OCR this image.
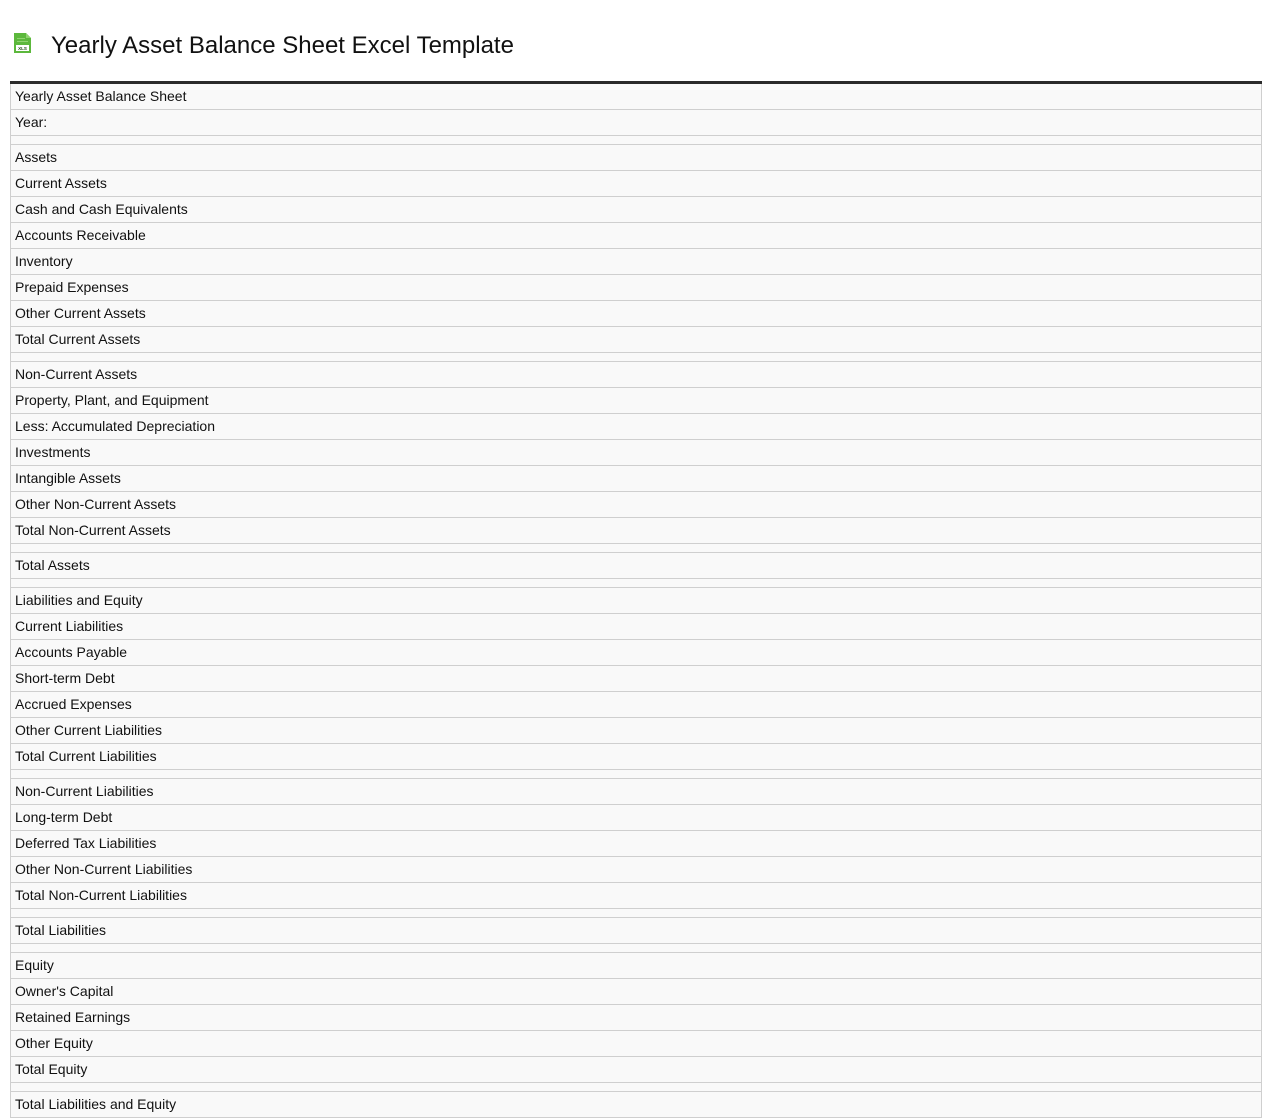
XLS Yearly Asset Balance Sheet Excel Template
Yearly Asset Balance Sheet
Year:

Assets
Current Assets
Cash and Cash Equivalents
Accounts Receivable
Inventory
Prepaid Expenses
Other Current Assets
Total Current Assets

Non-Current Assets
Property, Plant, and Equipment
Less: Accumulated Depreciation
Investments
Intangible Assets
Other Non-Current Assets
Total Non-Current Assets

Total Assets

Liabilities and Equity
Current Liabilities
Accounts Payable
Short-term Debt
Accrued Expenses
Other Current Liabilities
Total Current Liabilities

Non-Current Liabilities
Long-term Debt
Deferred Tax Liabilities
Other Non-Current Liabilities
Total Non-Current Liabilities

Total Liabilities

Equity
Owner's Capital
Retained Earnings
Other Equity
Total Equity

Total Liabilities and Equity
